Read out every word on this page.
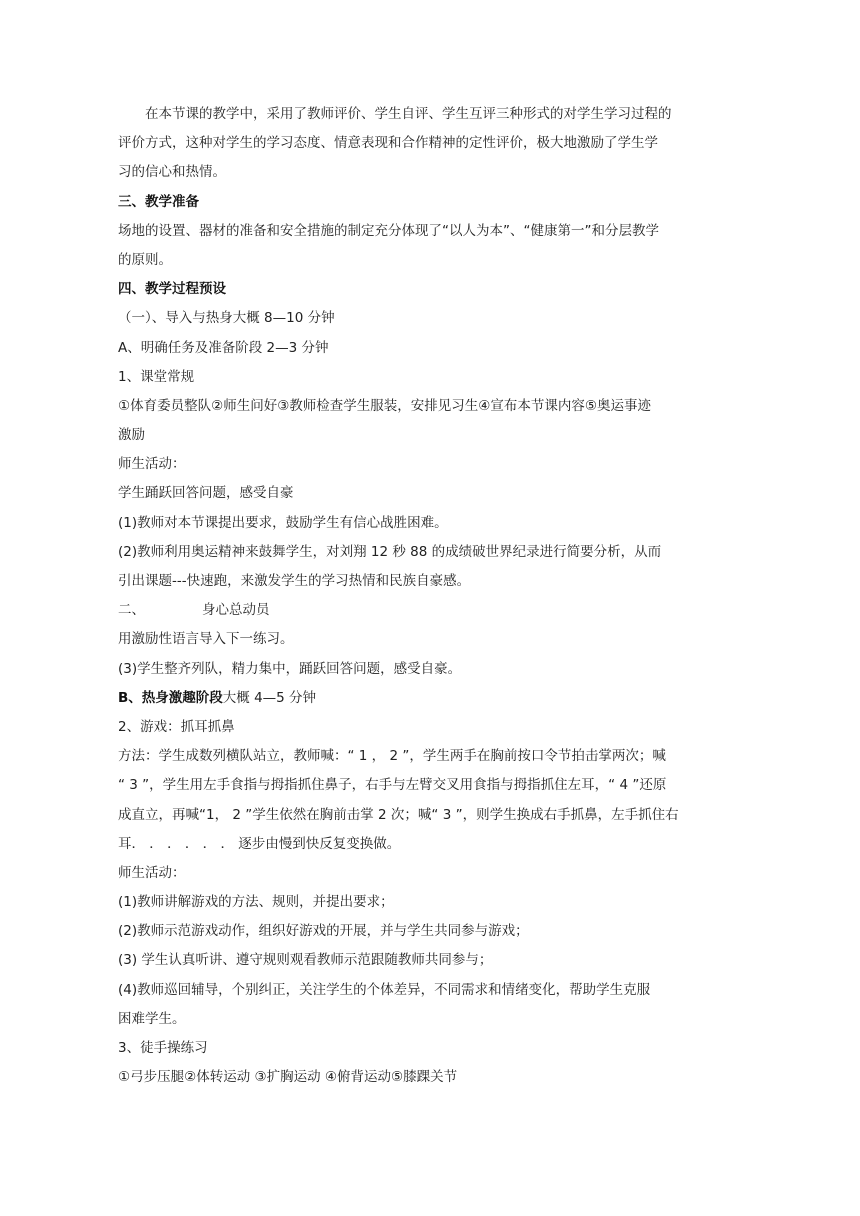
在本节课的教学中，采用了教师评价、学生自评、学生互评三种形式的对学生学习过程的
评价方式，这种对学生的学习态度、情意表现和合作精神的定性评价，极大地激励了学生学
习的信心和热情。
三、教学准备
场地的设置、器材的准备和安全措施的制定充分体现了“以人为本”、“健康第一”和分层教学
的原则。
四、教学过程预设
（一）、导入与热身大概 8—10 分钟
A、明确任务及准备阶段 2—3 分钟
1、课堂常规
①体育委员整队②师生问好③教师检查学生服装，安排见习生④宣布本节课内容⑤奥运事迹
激励
师生活动：
学生踊跃回答问题，感受自豪
(1)教师对本节课提出要求，鼓励学生有信心战胜困难。
(2)教师利用奥运精神来鼓舞学生，对刘翔 12 秒 88 的成绩破世界纪录进行简要分析，从而
引出课题---快速跑，来激发学生的学习热情和民族自豪感。
二、	身心总动员
用激励性语言导入下一练习。
(3)学生整齐列队，精力集中，踊跃回答问题，感受自豪。
B、热身激趣阶段大概 4—5 分钟
2、游戏：抓耳抓鼻
方法：学生成数列横队站立，教师喊：“ 1 ， 2 ”，学生两手在胸前按口令节拍击掌两次；喊
“ 3 ”，学生用左手食指与拇指抓住鼻子，右手与左臂交叉用食指与拇指抓住左耳，“ 4 ”还原
成直立，再喊“1， 2 ”学生依然在胸前击掌 2 次；喊“ 3 ”，则学生换成右手抓鼻，左手抓住右
耳． ． ． ． ． ． 逐步由慢到快反复变换做。
师生活动：
(1)教师讲解游戏的方法、规则，并提出要求；
(2)教师示范游戏动作，组织好游戏的开展，并与学生共同参与游戏；
(3) 学生认真听讲、遵守规则观看教师示范跟随教师共同参与；
(4)教师巡回辅导，个别纠正，关注学生的个体差异，不同需求和情绪变化，帮助学生克服
困难学生。
3、徒手操练习
①弓步压腿②体转运动 ③扩胸运动 ④俯背运动⑤膝踝关节
